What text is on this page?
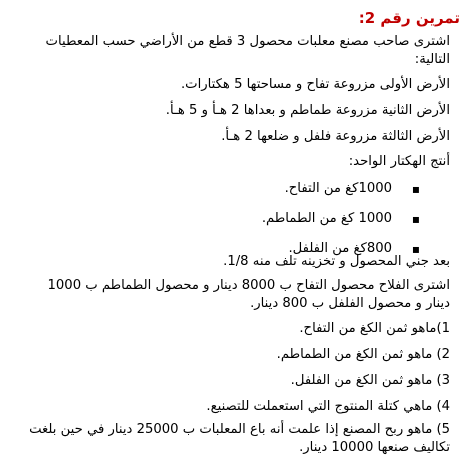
تمرين رقم 2:
اشترى صاحب مصنع معلبات محصول 3 قطع من الأراضي حسب المعطيات التالية:
الأرض الأولى مزروعة تفاح و مساحتها 5 هكتارات.
الأرض الثانية مزروعة طماطم و بعداها 2 هـأ و 5 هـأ.
الأرض الثالثة مزروعة فلفل و ضلعها 2 هـأ.
أنتج الهكتار الواحد:
▪ 1000كغ من التفاح.
▪ 1000 كغ من الطماطم.
▪ 800كغ من الفلفل.
بعد جني المحصول و تخزينه تلف منه 1/8.
اشترى الفلاح محصول التفاح ب 8000 دينار و محصول الطماطم ب 1000 دينار و محصول الفلفل ب 800 دينار.
1)ماهو ثمن الكغ من التفاح.
2) ماهو ثمن الكغ من الطماطم.
3) ماهو ثمن الكغ من الفلفل.
4) ماهي كتلة المنتوج التي استعملت للتصنيع.
5) ماهو ربح المصنع إذا علمت أنه باع المعلبات ب 25000 دينار في حين بلغت تكاليف صنعها 10000 دينار.
